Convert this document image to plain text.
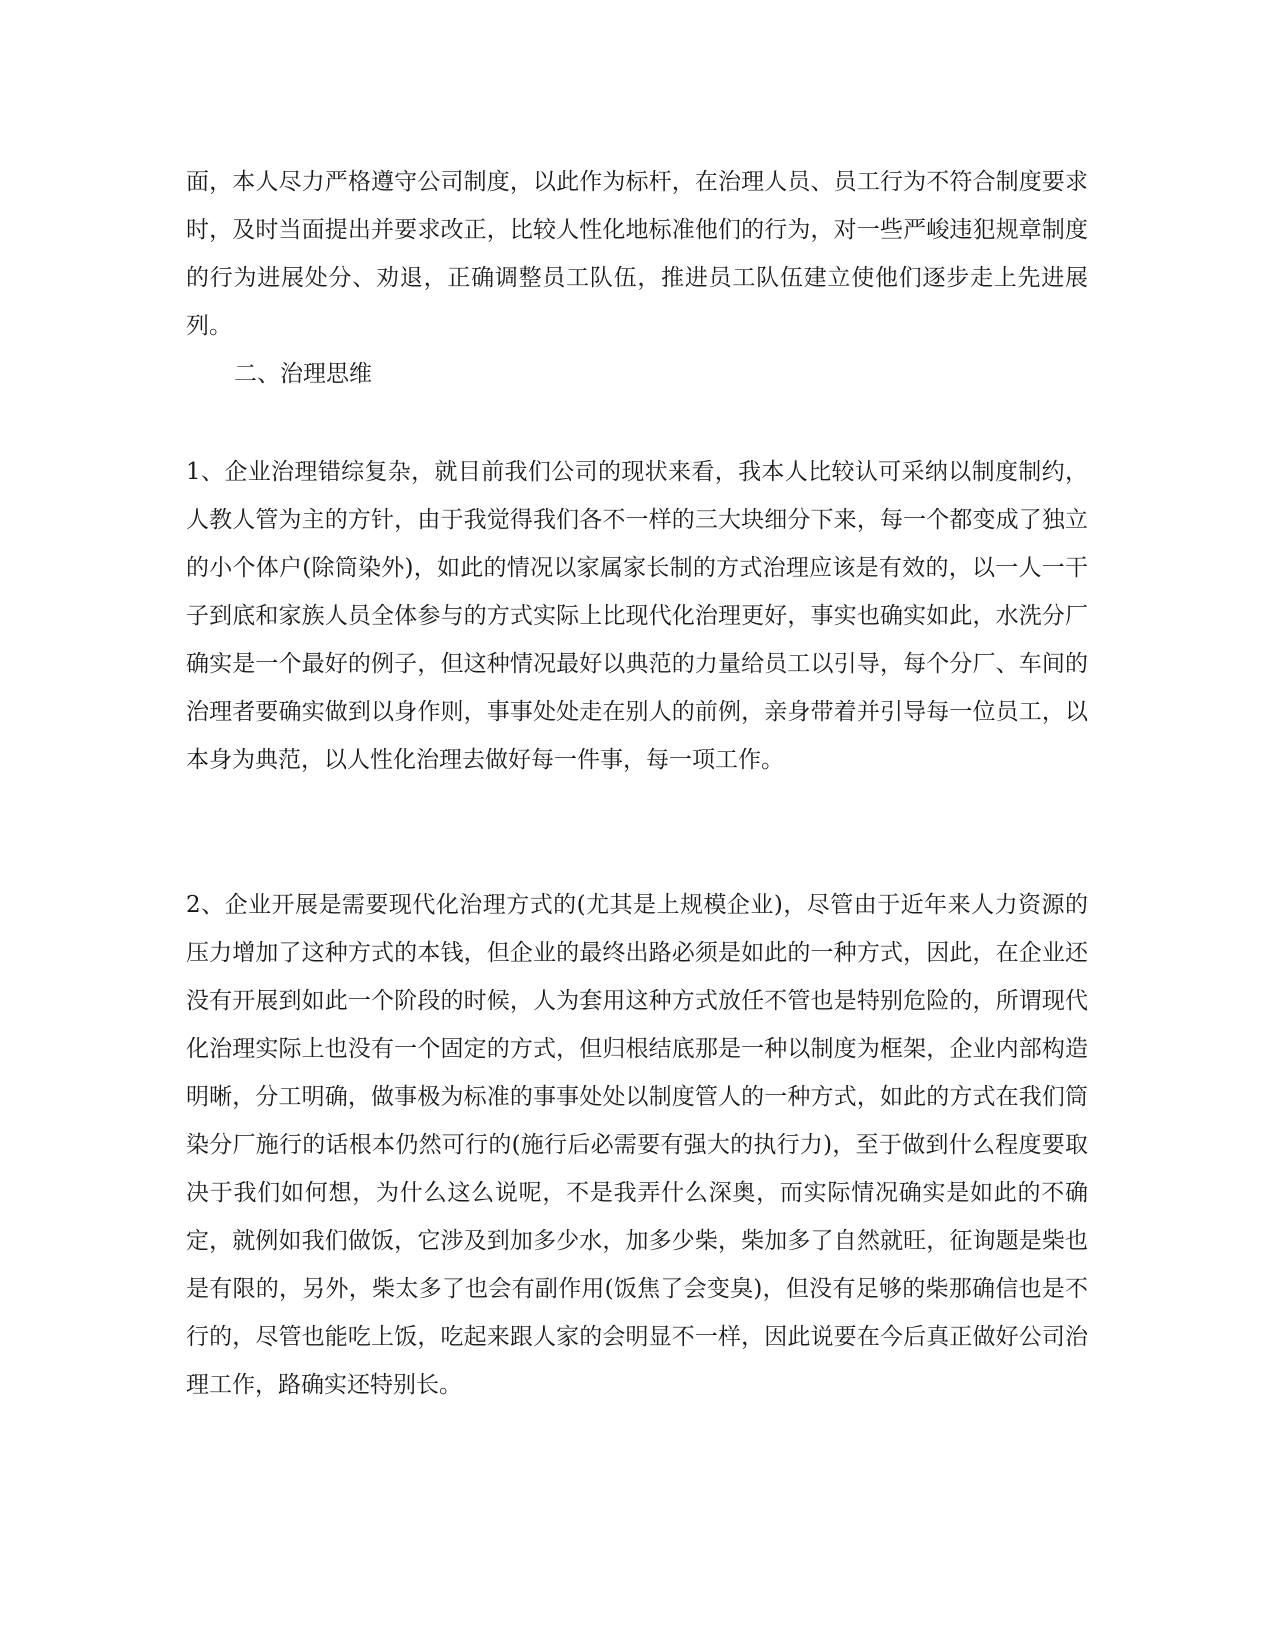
面，本人尽力严格遵守公司制度，以此作为标杆，在治理人员、员工行为不符合制度要求时，及时当面提出并要求改正，比较人性化地标准他们的行为，对一些严峻违犯规章制度的行为进展处分、劝退，正确调整员工队伍，推进员工队伍建立使他们逐步走上先进展列。

二、治理思维

1、企业治理错综复杂，就目前我们公司的现状来看，我本人比较认可采纳以制度制约，人教人管为主的方针，由于我觉得我们各不一样的三大块细分下来，每一个都变成了独立的小个体户(除筒染外)，如此的情况以家属家长制的方式治理应该是有效的，以一人一干子到底和家族人员全体参与的方式实际上比现代化治理更好，事实也确实如此，水洗分厂确实是一个最好的例子，但这种情况最好以典范的力量给员工以引导，每个分厂、车间的治理者要确实做到以身作则，事事处处走在别人的前例，亲身带着并引导每一位员工，以本身为典范，以人性化治理去做好每一件事，每一项工作。

2、企业开展是需要现代化治理方式的(尤其是上规模企业)，尽管由于近年来人力资源的压力增加了这种方式的本钱，但企业的最终出路必须是如此的一种方式，因此，在企业还没有开展到如此一个阶段的时候，人为套用这种方式放任不管也是特别危险的，所谓现代化治理实际上也没有一个固定的方式，但归根结底那是一种以制度为框架，企业内部构造明晰，分工明确，做事极为标准的事事处处以制度管人的一种方式，如此的方式在我们筒染分厂施行的话根本仍然可行的(施行后必需要有强大的执行力)，至于做到什么程度要取决于我们如何想，为什么这么说呢，不是我弄什么深奥，而实际情况确实是如此的不确定，就例如我们做饭，它涉及到加多少水，加多少柴，柴加多了自然就旺，征询题是柴也是有限的，另外，柴太多了也会有副作用(饭焦了会变臭)，但没有足够的柴那确信也是不行的，尽管也能吃上饭，吃起来跟人家的会明显不一样，因此说要在今后真正做好公司治理工作，路确实还特别长。
